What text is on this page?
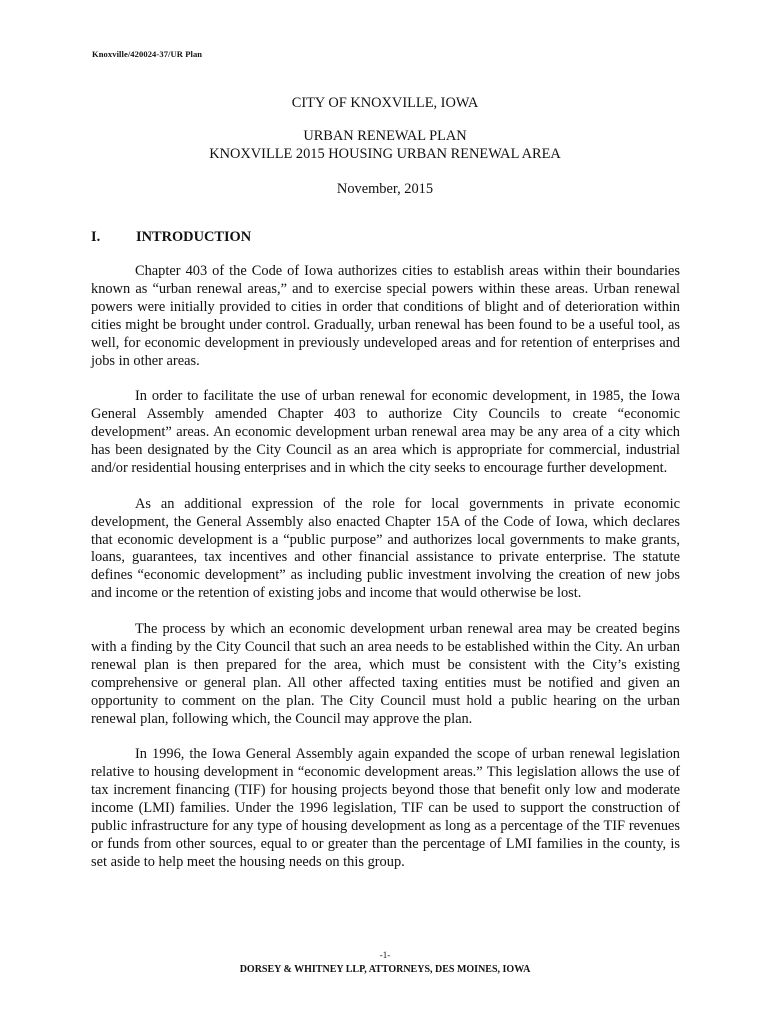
Knoxville/420024-37/UR Plan
CITY OF KNOXVILLE, IOWA
URBAN RENEWAL PLAN
KNOXVILLE 2015 HOUSING URBAN RENEWAL AREA
November, 2015
I. INTRODUCTION

Chapter 403 of the Code of Iowa authorizes cities to establish areas within their boundaries known as “urban renewal areas,” and to exercise special powers within these areas. Urban renewal powers were initially provided to cities in order that conditions of blight and of deterioration within cities might be brought under control. Gradually, urban renewal has been found to be a useful tool, as well, for economic development in previously undeveloped areas and for retention of enterprises and jobs in other areas.

In order to facilitate the use of urban renewal for economic development, in 1985, the Iowa General Assembly amended Chapter 403 to authorize City Councils to create “economic development” areas. An economic development urban renewal area may be any area of a city which has been designated by the City Council as an area which is appropriate for commercial, industrial and/or residential housing enterprises and in which the city seeks to encourage further development.

As an additional expression of the role for local governments in private economic development, the General Assembly also enacted Chapter 15A of the Code of Iowa, which declares that economic development is a “public purpose” and authorizes local governments to make grants, loans, guarantees, tax incentives and other financial assistance to private enterprise. The statute defines “economic development” as including public investment involving the creation of new jobs and income or the retention of existing jobs and income that would otherwise be lost.

The process by which an economic development urban renewal area may be created begins with a finding by the City Council that such an area needs to be established within the City. An urban renewal plan is then prepared for the area, which must be consistent with the City’s existing comprehensive or general plan. All other affected taxing entities must be notified and given an opportunity to comment on the plan. The City Council must hold a public hearing on the urban renewal plan, following which, the Council may approve the plan.

In 1996, the Iowa General Assembly again expanded the scope of urban renewal legislation relative to housing development in “economic development areas.” This legislation allows the use of tax increment financing (TIF) for housing projects beyond those that benefit only low and moderate income (LMI) families. Under the 1996 legislation, TIF can be used to support the construction of public infrastructure for any type of housing development as long as a percentage of the TIF revenues or funds from other sources, equal to or greater than the percentage of LMI families in the county, is set aside to help meet the housing needs on this group.

-1-
DORSEY & WHITNEY LLP, ATTORNEYS, DES MOINES, IOWA
